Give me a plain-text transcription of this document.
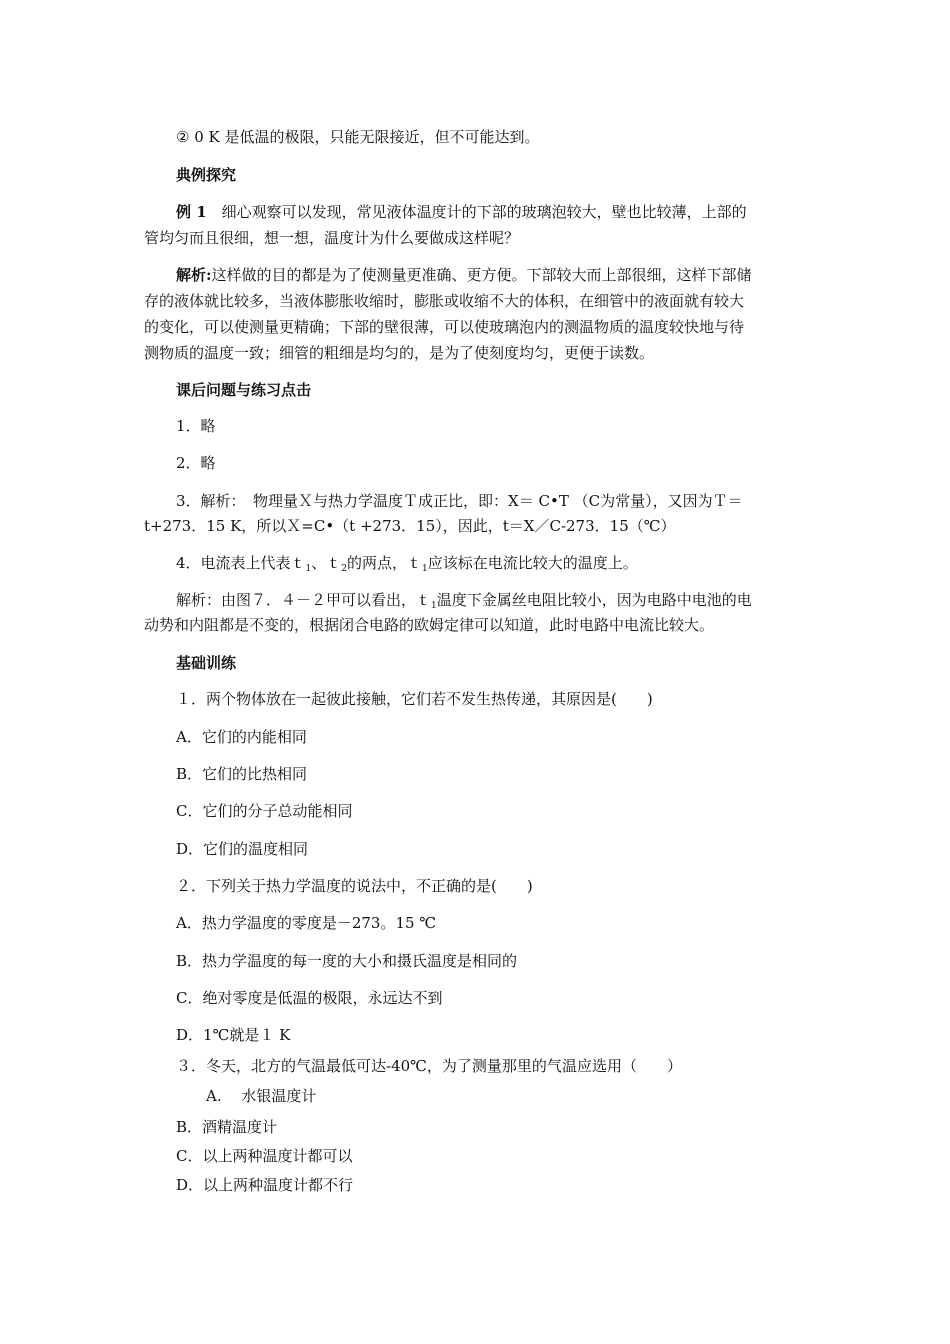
② 0 K 是低温的极限，只能无限接近，但不可能达到。
典例探究
例 1　细心观察可以发现，常见液体温度计的下部的玻璃泡较大，壁也比较薄，上部的
管均匀而且很细，想一想，温度计为什么要做成这样呢？
解析:这样做的目的都是为了使测量更准确、更方便。下部较大而上部很细，这样下部储
存的液体就比较多，当液体膨胀收缩时，膨胀或收缩不大的体积，在细管中的液面就有较大
的变化，可以使测量更精确；下部的壁很薄，可以使玻璃泡内的测温物质的温度较快地与待
测物质的温度一致；细管的粗细是均匀的，是为了使刻度均匀，更便于读数。
课后问题与练习点击
1．略
2．略
3．解析：　物理量Ｘ与热力学温度Ｔ成正比，即：X＝ C•T （C为常量），又因为Ｔ＝
t+273．15 K，所以Ｘ=C•（t +273．15），因此，t＝X／C-273．15（℃）
4．电流表上代表ｔ$_1$、ｔ$_2$的两点，ｔ$_1$应该标在电流比较大的温度上。
解析：由图７．４－２甲可以看出，ｔ$_1$温度下金属丝电阻比较小，因为电路中电池的电
动势和内阻都是不变的，根据闭合电路的欧姆定律可以知道，此时电路中电流比较大。
基础训练
１．两个物体放在一起彼此接触，它们若不发生热传递，其原因是(　　)
A．它们的内能相同
B．它们的比热相同
C．它们的分子总动能相同
D．它们的温度相同
２．下列关于热力学温度的说法中，不正确的是(　　)
A．热力学温度的零度是－273。15 ℃
B．热力学温度的每一度的大小和摄氏温度是相同的
C．绝对零度是低温的极限，永远达不到
D．1℃就是１ K
３．冬天，北方的气温最低可达-40℃，为了测量那里的气温应选用（　　）
A.　 水银温度计
B．酒精温度计
C．以上两种温度计都可以
D．以上两种温度计都不行
